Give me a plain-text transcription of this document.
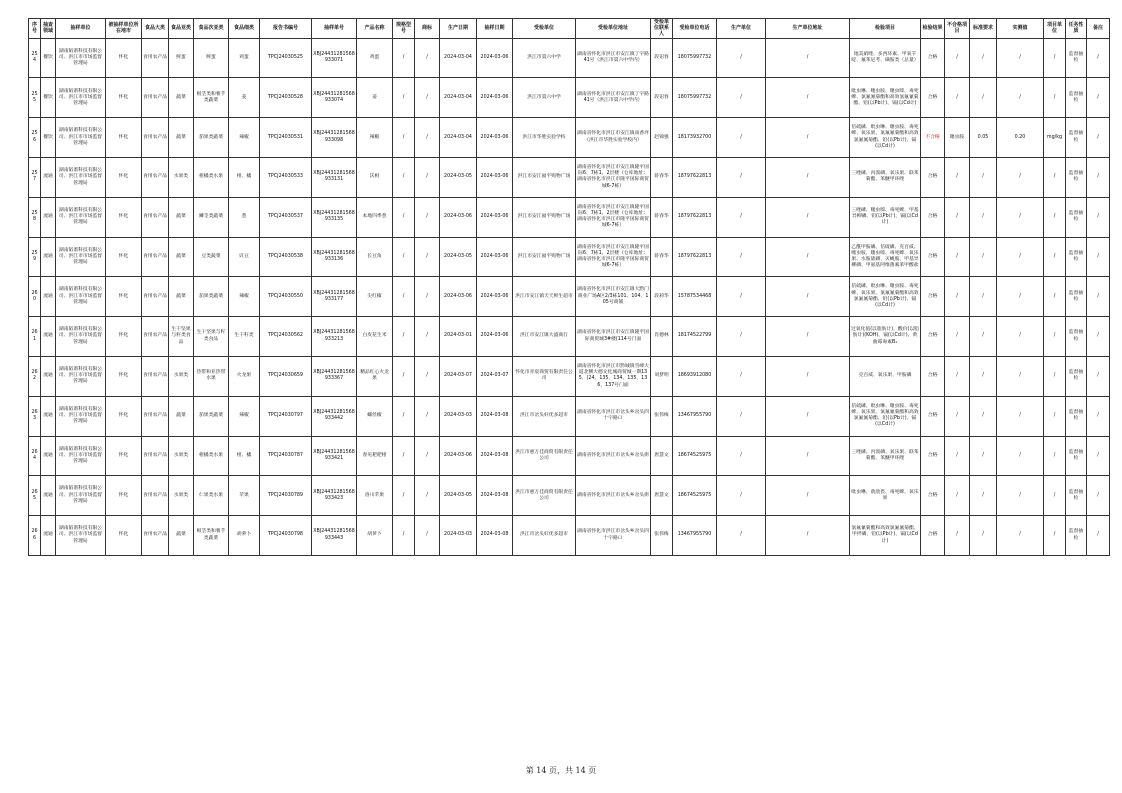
序号	抽查领域	抽样单位	被抽样单位所在地市	食品大类	食品亚类	食品次亚类	食品细类	报告书编号	抽样单号	产品名称	规格型号	商标	生产日期	抽样日期	受检单位	受检单位地址	受检单位联系人	受检单位电话	生产单位	生产单位地址	检验项目	检验结果	不合格项目	标准要求	实测值	项目单位	任务性质	备注
254	餐饮	湖南韬谱科技有限公司、洪江市市场监督管理局	怀化	食用农产品	鲜蛋	鲜蛋	鸡蛋	TPCJ24030525	XBJ24431281568933071	鸡蛋	/	/	2024-03-04	2024-03-06	洪江市第六中学	湖南省怀化市洪江市安江镇丁字路41号（洪江市第六中学内）	段诏春	18075997732	/	/	地美硝唑、多西环素、甲氧苄啶、氟苯尼考、磺胺类（总量）	合格	/	/	/	/	监督抽检	/
255	餐饮	湖南韬谱科技有限公司、洪江市市场监督管理局	怀化	食用农产品	蔬菜	根茎类和薯芋类蔬菜	姜	TPCJ24030528	XBJ24431281568933074	姜	/	/	2024-03-04	2024-03-06	洪江市第六中学	湖南省怀化市洪江市安江镇丁字路41号（洪江市第六中学内）	段诏春	18075997732	/	/	吡虫啉、噻虫胺、噻虫嗪、毒死蜱、氯氟氰菊酯和高效氯氟氰菊酯、铅(以Pb计)、镉(以Cd计)	合格	/	/	/	/	监督抽检	/
256	餐饮	湖南韬谱科技有限公司、洪江市市场监督管理局	怀化	食用农产品	蔬菜	茄果类蔬菜	辣椒	TPCJ24030531	XBJ24431281568933098	辣椒	/	/	2024-03-04	2024-03-06	洪江市华胜实验学校	湖南省怀化市洪江市安江镇南香坪（洪江市华胜实验学校内）	赵锦强	18173932700	/	/	倍硫磷、吡虫啉、噻虫胺、毒死蜱、氧乐果、氯氟氰菊酯和高效氯氟氰菊酯、铅(以Pb计)、镉(以Cd计)	不合格	噻虫胺	0.05	0.20	mg/kg	监督抽检	/
257	流通	湖南韬谱科技有限公司、洪江市市场监督管理局	怀化	食用农产品	水果类	柑橘类水果	柑、橘	TPCJ24030533	XBJ24431281568933131	沃柑	/	/	2024-03-05	2024-03-06	洪江市安江福平购物广场	湖南省怀化市洪江市安江镇隆平国际6、7栋1、2层楼（仓库地址：湖南省怀化市洪江市隆平国际商贸城6-7栋）	蒋春华	18797622813	/	/	三唑磷、丙溴磷、氧乐果、联苯菊酯、苯醚甲环唑	合格	/	/	/	/	监督抽检	/
258	流通	湖南韬谱科技有限公司、洪江市市场监督管理局	怀化	食用农产品	蔬菜	鳞茎类蔬菜	葱	TPCJ24030537	XBJ24431281568933135	本地四季葱	/	/	2024-03-06	2024-03-06	洪江市安江福平购物广场	湖南省怀化市洪江市安江镇隆平国际6、7栋1、2层楼（仓库地址：湖南省怀化市洪江市隆平国际商贸城6-7栋）	蒋春华	18797622813	/	/	三唑磷、噻虫嗪、毒死蜱、甲基异柳磷、铅(以Pb计)、镉(以Cd计)	合格	/	/	/	/	监督抽检	/
259	流通	湖南韬谱科技有限公司、洪江市市场监督管理局	怀化	食用农产品	蔬菜	豆类蔬菜	豇豆	TPCJ24030538	XBJ24431281568933136	长豆角	/	/	2024-03-05	2024-03-06	洪江市安江福平购物广场	湖南省怀化市洪江市安江镇隆平国际6、7栋1、2层楼（仓库地址：湖南省怀化市洪江市隆平国际商贸城6-7栋）	蒋春华	18797622813	/	/	乙酰甲胺磷、倍硫磷、克百威、噻虫胺、噻虫嗪、毒死蜱、氧乐果、水胺硫磷、灭蝇胺、甲基异柳磷、甲氨基阿维菌素苯甲酸盐	合格	/	/	/	/	监督抽检	/
260	流通	湖南韬谱科技有限公司、洪江市市场监督管理局	怀化	食用农产品	蔬菜	茄果类蔬菜	辣椒	TPCJ24030550	XBJ24431281568933177	尖红椒	/	/	2024-03-06	2024-03-06	洪江市安江镇天天鲜生超市	湖南省怀化市洪江市安江镇大黔门商业广场A区2/3栋101、104、105号商铺	段莉华	15787534468	/	/	倍硫磷、吡虫啉、噻虫胺、毒死蜱、氧乐果、氯氟氰菊酯和高效氯氟氰菊酯、铅(以Pb计)、镉(以Cd计)	合格	/	/	/	/	监督抽检	/
261	流通	湖南韬谱科技有限公司、洪江市市场监督管理局	怀化	食用农产品	生干坚果与籽类食品	生干坚果与籽类食品	生干籽类	TPCJ24030562	XBJ24431281568933213	白皮花生米	/	/	2024-03-01	2024-03-06	洪江市安江镇大盛商行	湖南省怀化市洪江市安江镇隆平国际商贸城3#楼(114号门面	肖德林	18174522799	/	/	过氧化值(以脂肪计)、酸价(以脂肪计)(KOH)、镉(以Cd计)、黄曲霉毒素B₁	合格	/	/	/	/	监督抽检	/
262	流通	湖南韬谱科技有限公司、洪江市市场监督管理局	怀化	食用农产品	水果类	热带和亚热带水果	火龙果	TPCJ24030659	XBJ24431281568933367	精品红心火龙果	/	/	2024-03-07	2024-03-07	怀化市赤宸商贸有限责任公司	湖南省怀化市洪江市黔城镇雪峰大道北侧大德文化城商贸城一期135、(24、135、134、135、136、137号门面	刘梦明	18693912080	/	/	克百威、氧乐果、甲胺磷	合格	/	/	/	/	监督抽检	/
263	流通	湖南韬谱科技有限公司、洪江市市场监督管理局	怀化	食用农产品	蔬菜	茄果类蔬菜	辣椒	TPCJ24030797	XBJ24431281568933442	螺丝椒	/	/	2024-03-03	2024-03-08	洪江市岔头好优多超市	湖南省怀化市洪江市岔头乡岔头四十字路口	张伟梅	13467955790	/	/	倍硫磷、吡虫啉、噻虫胺、毒死蜱、氧乐果、氯氟氰菊酯和高效氯氟氰菊酯、铅(以Pb计)、镉(以Cd计)	合格	/	/	/	/	监督抽检	/
264	流通	湖南韬谱科技有限公司、洪江市市场监督管理局	怀化	食用农产品	水果类	柑橘类水果	柑、橘	TPCJ24030787	XBJ24431281568933421	春见耙耙柑	/	/	2024-03-06	2024-03-08	洪江市惠万佳商贸有限责任公司	湖南省怀化市洪江市岔头乡岔头街	唐慧文	18674525975	/	/	三唑磷、丙溴磷、氧乐果、联苯菊酯、苯醚甲环唑	合格	/	/	/	/	监督抽检	/
265	流通	湖南韬谱科技有限公司、洪江市市场监督管理局	怀化	食用农产品	水果类	仁果类水果	苹果	TPCJ24030789	XBJ24431281568933423	洛川苹果	/	/	2024-03-05	2024-03-08	洪江市惠万佳商贸有限责任公司	湖南省怀化市洪江市岔头乡岔头街	唐慧文	18674525975	/	/	吡虫啉、敌敌畏、毒死蜱、氧乐果	合格	/	/	/	/	监督抽检	/
266	流通	湖南韬谱科技有限公司、洪江市市场监督管理局	怀化	食用农产品	蔬菜	根茎类和薯芋类蔬菜	胡萝卜	TPCJ24030798	XBJ24431281568933443	胡萝卜	/	/	2024-03-03	2024-03-08	洪江市岔头好优多超市	湖南省怀化市洪江市岔头乡岔头四十字路口	张伟梅	13467955790	/	/	氯氟氰菊酯和高效氯氟氰菊酯、甲拌磷、铅(以Pb计)、镉(以Cd计)	合格	/	/	/	/	监督抽检	/
第 14 页，共 14 页
